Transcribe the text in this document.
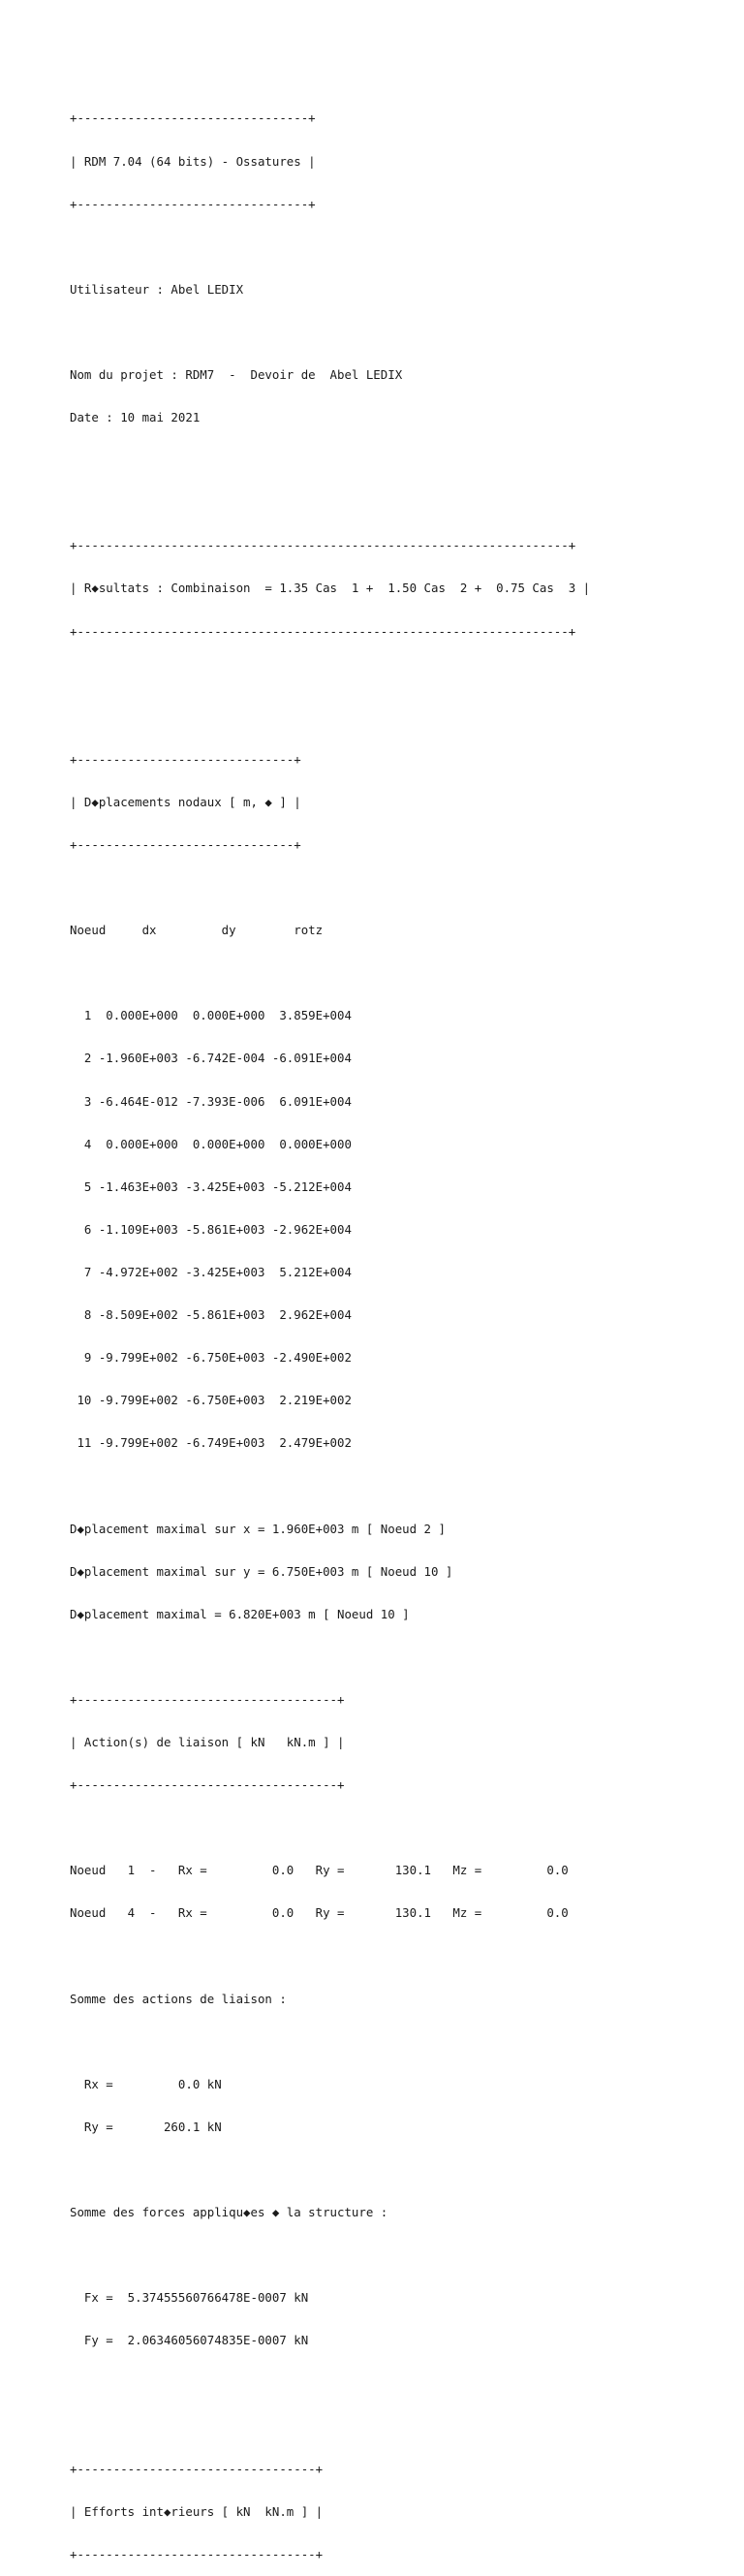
+--------------------------------+

| RDM 7.04 (64 bits) - Ossatures |

+--------------------------------+

Utilisateur : Abel LEDIX

Nom du projet : RDM7  -  Devoir de  Abel LEDIX

Date : 10 mai 2021

+--------------------------------------------------------------------+

| R◆sultats : Combinaison  = 1.35 Cas  1 +  1.50 Cas  2 +  0.75 Cas  3 |

+--------------------------------------------------------------------+

+------------------------------+

| D◆placements nodaux [ m, ◆ ] |

+------------------------------+

Noeud     dx         dy        rotz

1  0.000E+000  0.000E+000  3.859E+004

2 -1.960E+003 -6.742E-004 -6.091E+004

3 -6.464E-012 -7.393E-006  6.091E+004

4  0.000E+000  0.000E+000  0.000E+000

5 -1.463E+003 -3.425E+003 -5.212E+004

6 -1.109E+003 -5.861E+003 -2.962E+004

7 -4.972E+002 -3.425E+003  5.212E+004

8 -8.509E+002 -5.861E+003  2.962E+004

9 -9.799E+002 -6.750E+003 -2.490E+002

10 -9.799E+002 -6.750E+003  2.219E+002

11 -9.799E+002 -6.749E+003  2.479E+002

D◆placement maximal sur x = 1.960E+003 m [ Noeud 2 ]

D◆placement maximal sur y = 6.750E+003 m [ Noeud 10 ]

D◆placement maximal = 6.820E+003 m [ Noeud 10 ]

+------------------------------------+

| Action(s) de liaison [ kN   kN.m ] |

+------------------------------------+

Noeud   1  -   Rx =         0.0   Ry =       130.1   Mz =         0.0

Noeud   4  -   Rx =         0.0   Ry =       130.1   Mz =         0.0

Somme des actions de liaison :

Rx =         0.0 kN

Ry =       260.1 kN

Somme des forces appliqu◆es ◆ la structure :

Fx =  5.37455560766478E-0007 kN

Fy =  2.06346056074835E-0007 kN

+---------------------------------+

| Efforts int◆rieurs [ kN  kN.m ] |

+---------------------------------+
